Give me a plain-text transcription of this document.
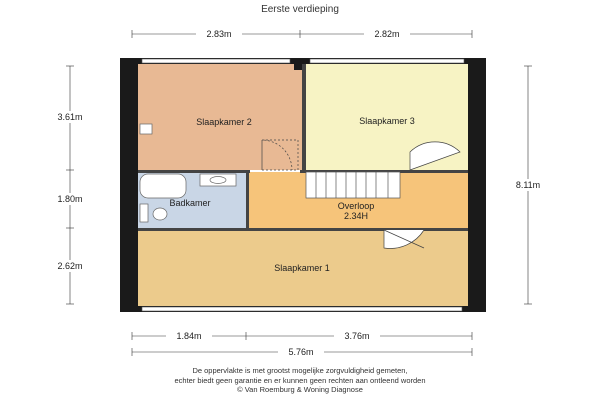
Eerste verdieping
Slaapkamer 2	Slaapkamer 3
Badkamer	Overloop
2.34H
Slaapkamer 1
2.83m	2.82m
1.84m	3.76m
5.76m
3.61m
1.80m
2.62m
8.11m
De oppervlakte is met grootst mogelijke zorgvuldigheid gemeten,
echter biedt geen garantie en er kunnen geen rechten aan ontleend worden
© Van Roemburg & Woning Diagnose
